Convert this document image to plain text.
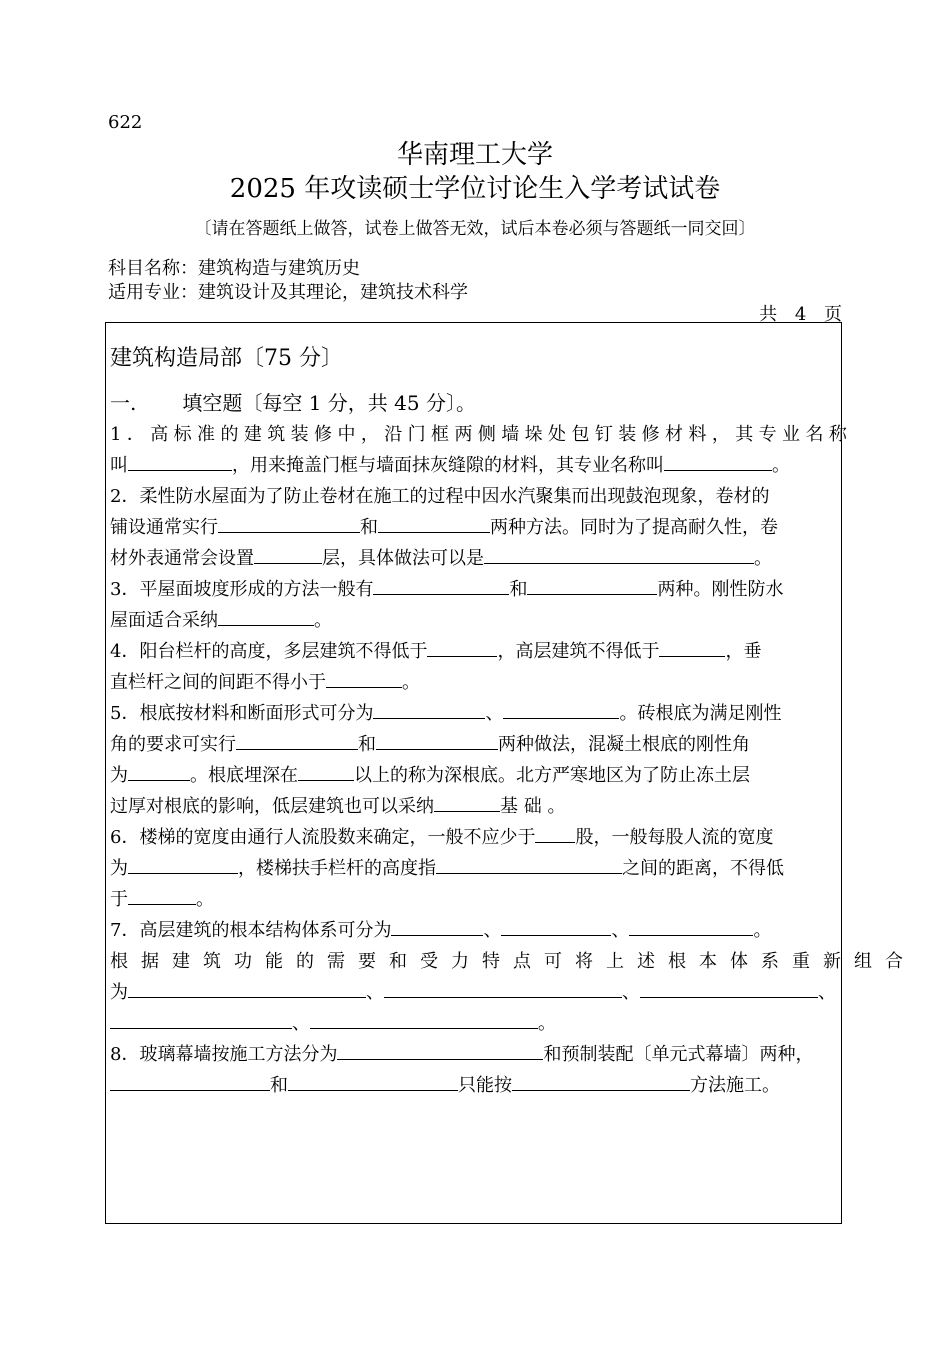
622
华南理工大学
2025 年攻读硕士学位讨论生入学考试试卷
〔请在答题纸上做答，试卷上做答无效，试后本卷必须与答题纸一同交回〕
科目名称：建筑构造与建筑历史
适用专业：建筑设计及其理论，建筑技术科学
共 4 页
建筑构造局部〔75 分〕
一. 填空题〔每空 1 分，共 45 分〕。

1．高标准的建筑装修中，沿门框两侧墙垛处包钉装修材料，其专业名称

叫	，用来掩盖门框与墙面抹灰缝隙的材料，其专业名称叫	。

2．柔性防水屋面为了防止卷材在施工的过程中因水汽聚集而出现鼓泡现象，卷材的

铺设通常实行	和	两种方法。同时为了提高耐久性，卷

材外表通常会设置	层，具体做法可以是	。

3．平屋面坡度形成的方法一般有	和	两种。刚性防水

屋面适合采纳	。

4．阳台栏杆的高度，多层建筑不得低于	，高层建筑不得低于	，垂

直栏杆之间的间距不得小于	。

5．根底按材料和断面形式可分为	、	。砖根底为满足刚性

角的要求可实行	和	两种做法，混凝土根底的刚性角

为	。根底埋深在	以上的称为深根底。北方严寒地区为了防止冻土层

过厚对根底的影响，低层建筑也可以采纳	基 础 。

6．楼梯的宽度由通行人流股数来确定，一般不应少于 股，一般每股人流的宽度

为	，楼梯扶手栏杆的高度指	之间的距离，不得低

于	。

7．高层建筑的根本结构体系可分为	、	、	。

根据建筑功能的需要和受力特点可将上述根本体系重新组合

为	、	、	、

、	。

8．玻璃幕墙按施工方法分为	和预制装配〔单元式幕墙〕两种，

和	只能按	方法施工。
